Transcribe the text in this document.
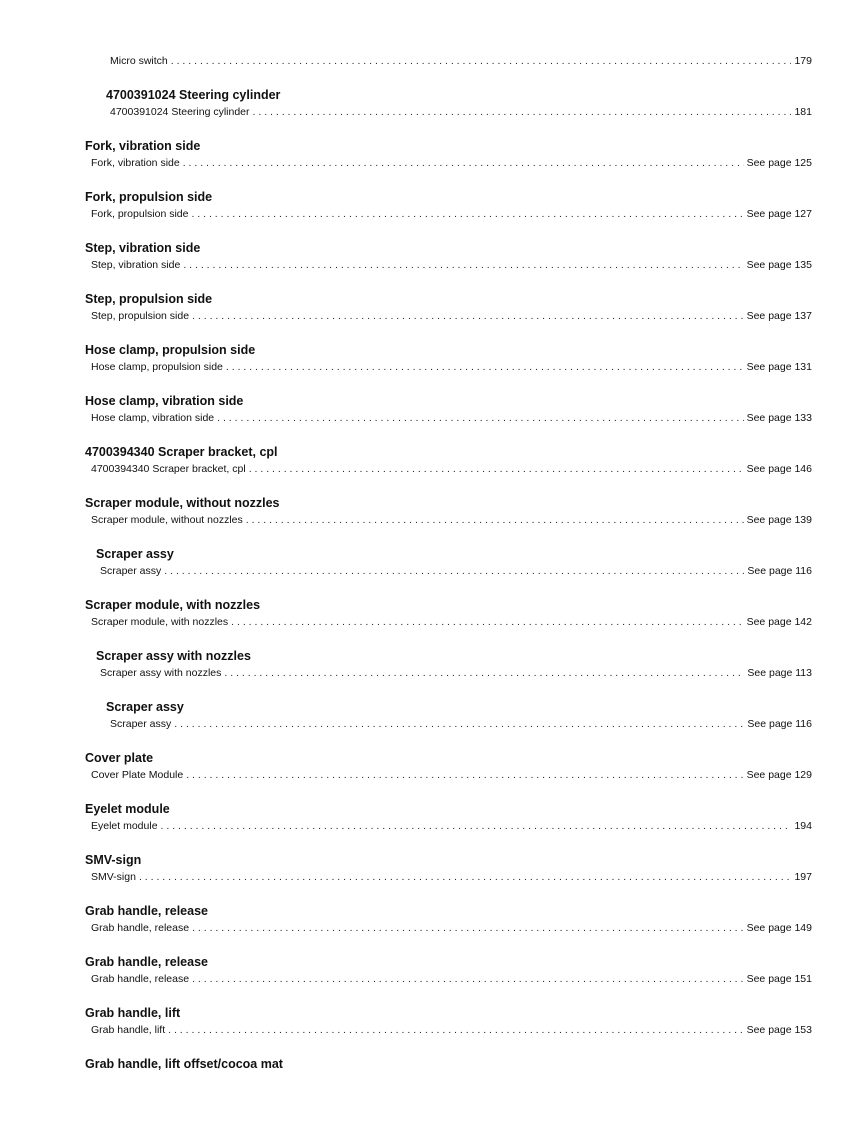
Micro switch . . .	179
4700391024 Steering cylinder
4700391024 Steering cylinder . . .	181
Fork, vibration side
Fork, vibration side . . .	See page 125
Fork, propulsion side
Fork, propulsion side . . .	See page 127
Step, vibration side
Step, vibration side . . .	See page 135
Step, propulsion side
Step, propulsion side . . .	See page 137
Hose clamp, propulsion side
Hose clamp, propulsion side . . .	See page 131
Hose clamp, vibration side
Hose clamp, vibration side . . .	See page 133
4700394340 Scraper bracket, cpl
4700394340 Scraper bracket, cpl . . .	See page 146
Scraper module, without nozzles
Scraper module, without nozzles . . .	See page 139
Scraper assy
Scraper assy . . .	See page 116
Scraper module, with nozzles
Scraper module, with nozzles . . .	See page 142
Scraper assy with nozzles
Scraper assy with nozzles . . .	See page 113
Scraper assy
Scraper assy . . .	See page 116
Cover plate
Cover Plate Module . . .	See page 129
Eyelet module
Eyelet module . . .	194
SMV-sign
SMV-sign . . .	197
Grab handle, release
Grab handle, release . . .	See page 149
Grab handle, release
Grab handle, release . . .	See page 151
Grab handle, lift
Grab handle, lift . . .	See page 153
Grab handle, lift offset/cocoa mat
